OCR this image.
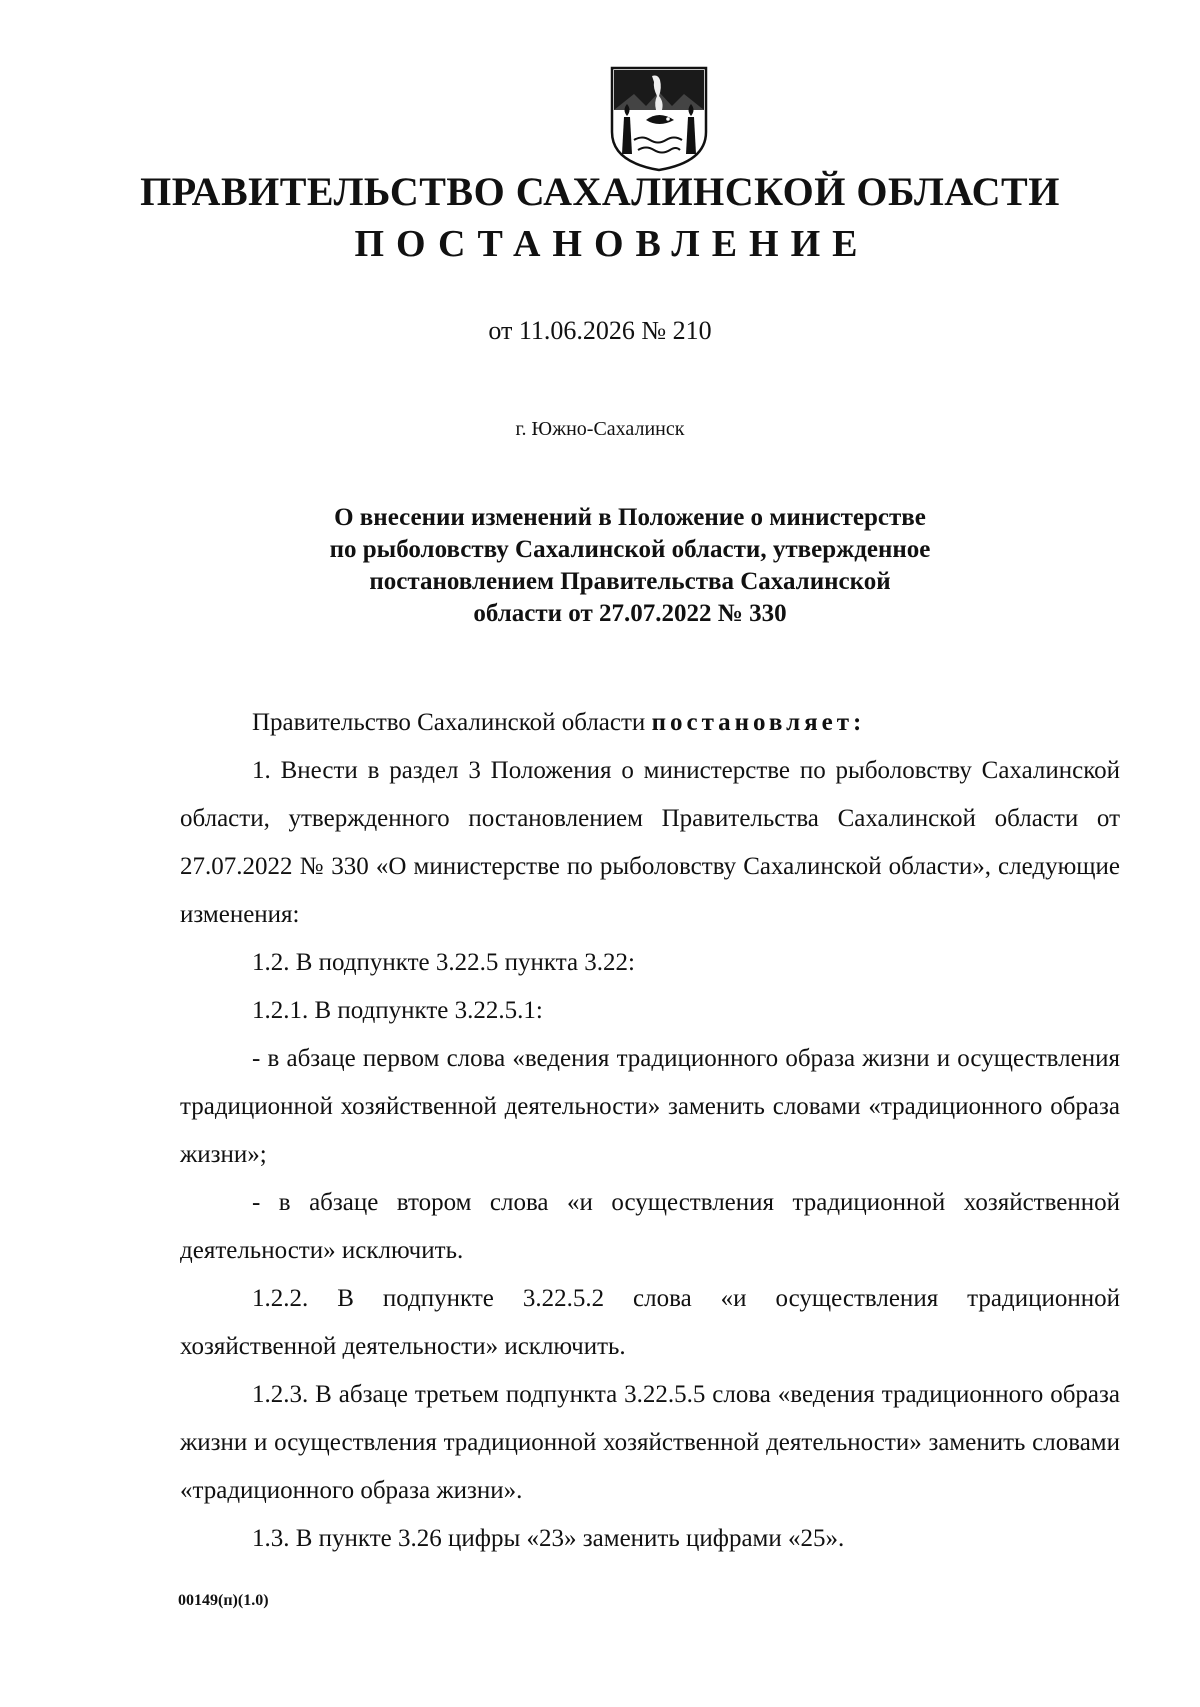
ПРАВИТЕЛЬСТВО САХАЛИНСКОЙ ОБЛАСТИ
ПОСТАНОВЛЕНИЕ
от 11.06.2026 № 210
г. Южно-Сахалинск
О внесении изменений в Положение о министерстве
по рыболовству Сахалинской области, утвержденное
постановлением Правительства Сахалинской
области от 27.07.2022 № 330

Правительство Сахалинской области постановляет:

1. Внести в раздел 3 Положения о министерстве по рыболовству Сахалинской области, утвержденного постановлением Правительства Сахалинской области от 27.07.2022 № 330 «О министерстве по рыболовству Сахалинской области», следующие изменения:

1.2. В подпункте 3.22.5 пункта 3.22:

1.2.1. В подпункте 3.22.5.1:

- в абзаце первом слова «ведения традиционного образа жизни и осуществления традиционной хозяйственной деятельности» заменить словами «традиционного образа жизни»;

- в абзаце втором слова «и осуществления традиционной хозяйственной деятельности» исключить.

1.2.2. В подпункте 3.22.5.2 слова «и осуществления традиционной хозяйственной деятельности» исключить.

1.2.3. В абзаце третьем подпункта 3.22.5.5 слова «ведения традиционного образа жизни и осуществления традиционной хозяйственной деятельности» заменить словами «традиционного образа жизни».

1.3. В пункте 3.26 цифры «23» заменить цифрами «25».

00149(п)(1.0)
